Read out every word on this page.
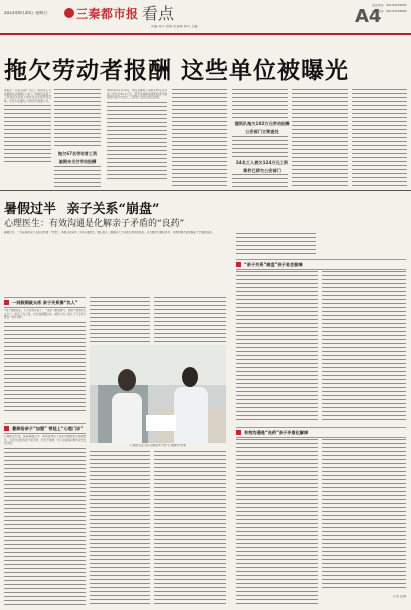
2023年8月20日 星期日	三秦都市报 看点
责编 周宇 组版 张素娜 校对 王璐	A4
读者热线：029-84259999
新闻热线：029-84258888
拖欠劳动者报酬 这些单位被曝光
本报讯（记者 段祯）近日，陕西省人力资源和社会保障厅公布了一批拖欠农民工工资违法失信用人单位及企业经营者名单，涉及多家建筑公司和劳务派遣公司。
拖欠67名劳动者工资
逾期未支付劳动报酬
2023年2月至12月，西安某建筑公司拖欠67名劳动者工资共计50.1万元，经劳动保障监察机构责令限期支付后仍未支付，已移送公安机关依法处理。
建筑队拖欠102万元劳动报酬
公安部门立案查处
24名工人被欠124万元工资
案件已移交公安部门
暑假过半 亲子关系“崩盘”
心理医生：有效沟通是化解亲子矛盾的“良药”
暑假过半，一些家庭的亲子关系也出现了“危机”。本报记者采访了多位心理医生，她们表示，假期亲子之间发生冲突很常见，家长要学会换位思考，有效沟通才是化解亲子矛盾的良药。
一到假期就头疼 亲子关系像“仇人”
“孩子放假在家，天天和我对着干，一说学习就发脾气，我都不知道该怎么办了。”市民王女士说，自从放暑假以来，她和上初二的儿子几乎每天都在“斗智斗勇”。
暑期俗亲子“加强” 带娃上“心理门诊”
心理医生介绍，随着暑假过半，前来咨询亲子关系问题的家长明显增多，大部分是因为孩子玩手机、作息不规律、学习态度等问题与家长发生冲突。	心理医生在为家长解读孩子的“心理测试”结果
“亲子关系”崩盘”孩子易走极端
有效沟通是“良药”亲子矛盾化解掉
记者 张薇
